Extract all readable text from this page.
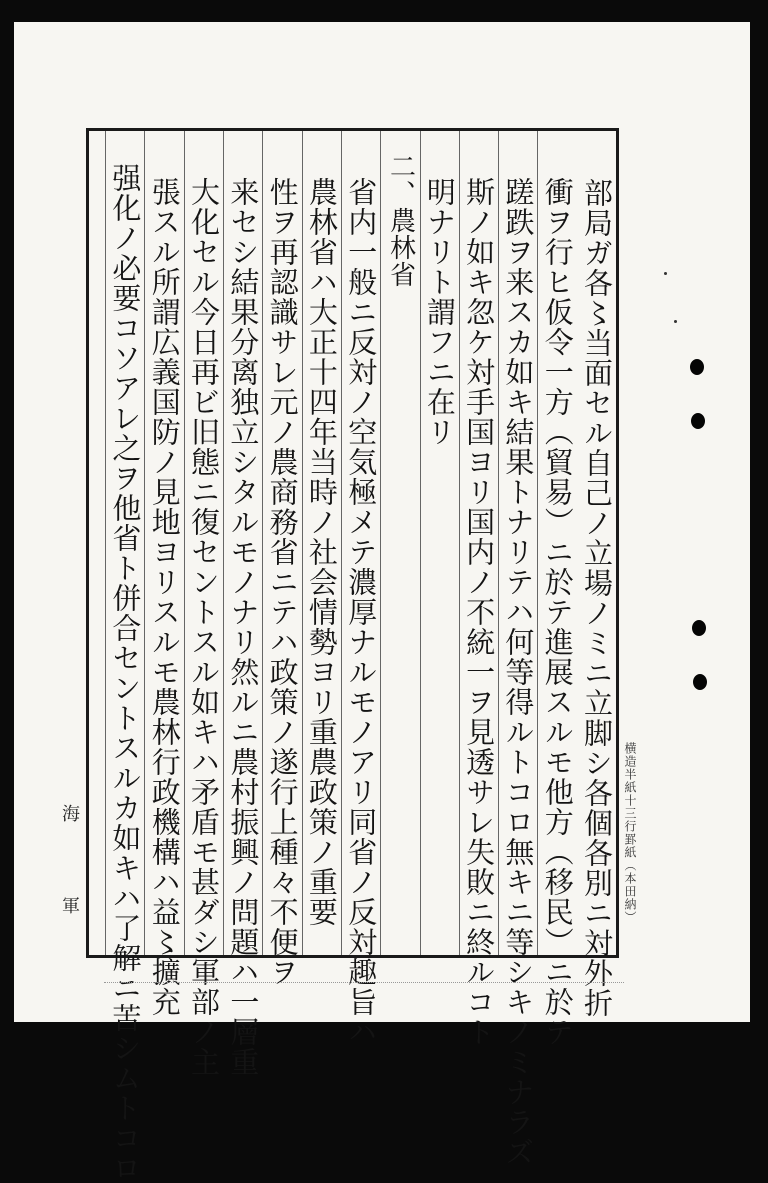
部局ガ各〻当面セル自己ノ立場ノミニ立脚シ各個各別ニ対外折
衝ヲ行ヒ仮令一方（貿易）ニ於テ進展スルモ他方（移民）ニ於テ
蹉跌ヲ来スカ如キ結果トナリテハ何等得ルトコロ無キニ等シキノミナラズ
斯ノ如キ忽ケ対手国ヨリ国内ノ不統一ヲ見透サレ失敗ニ終ルコト
明ナリト謂フニ在リ
二、農林省
省内一般ニ反対ノ空気極メテ濃厚ナルモノアリ同省ノ反対趣旨ハ
農林省ハ大正十四年当時ノ社会情勢ヨリ重農政策ノ重要
性ヲ再認識サレ元ノ農商務省ニテハ政策ノ遂行上種々不便ヲ
来セシ結果分离独立シタルモノナリ然ルニ農村振興ノ問題ハ一層重
大化セル今日再ビ旧態ニ復セントスル如キハ矛盾モ甚ダシ軍部ノ主
張スル所謂広義国防ノ見地ヨリスルモ農林行政機構ハ益〻擴充
强化ノ必要コソアレ之ヲ他省ト併合セントスルカ如キハ了解ニ苦シムトコロ	横造半紙十三行罫紙（本田納）
海
軍
